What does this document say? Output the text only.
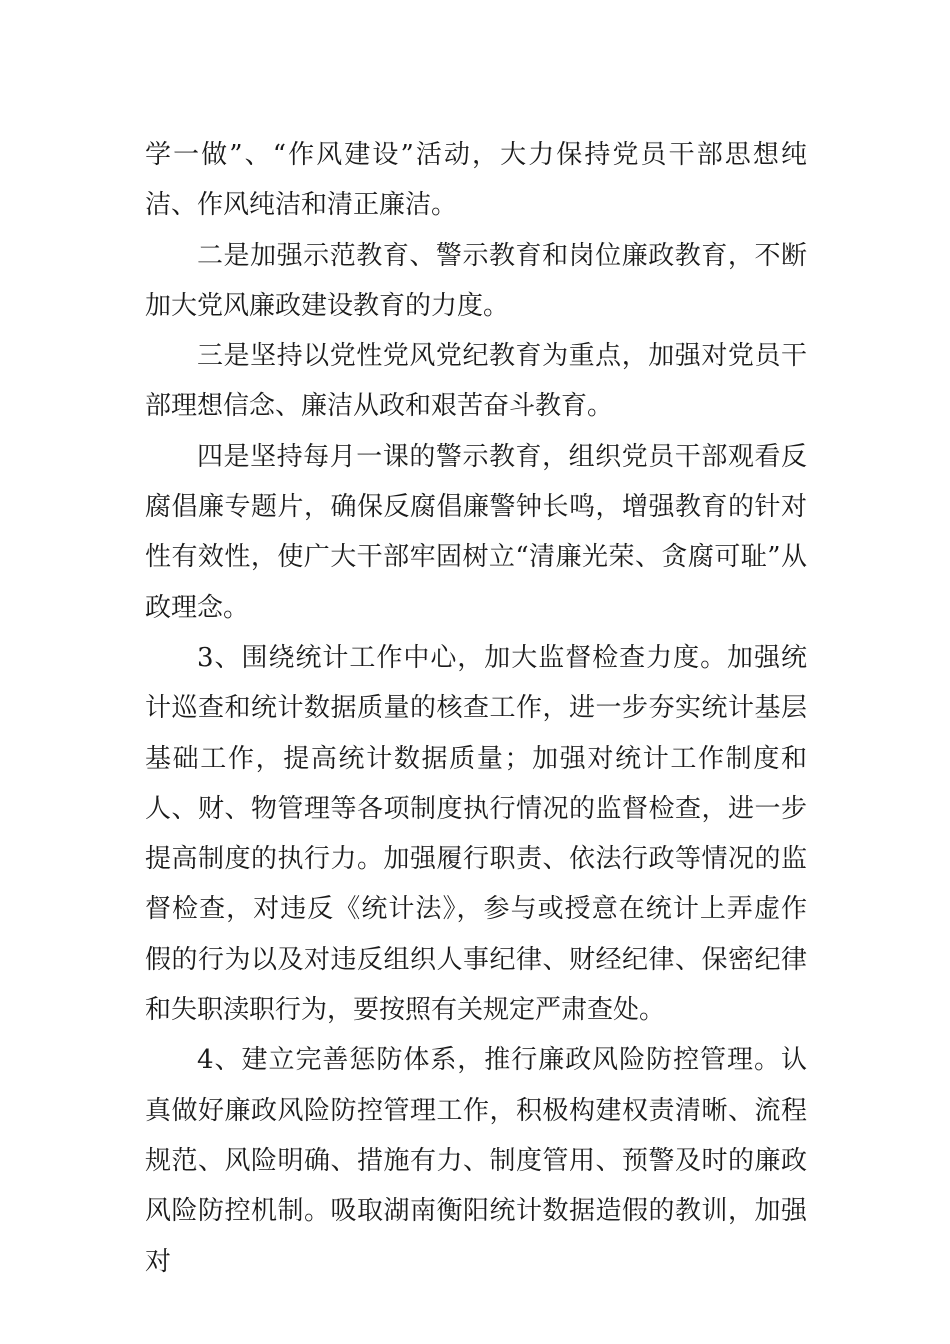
学一做”、“作风建设”活动，大力保持党员干部思想纯洁、作风纯洁和清正廉洁。

二是加强示范教育、警示教育和岗位廉政教育，不断加大党风廉政建设教育的力度。

三是坚持以党性党风党纪教育为重点，加强对党员干部理想信念、廉洁从政和艰苦奋斗教育。

四是坚持每月一课的警示教育，组织党员干部观看反腐倡廉专题片，确保反腐倡廉警钟长鸣，增强教育的针对性有效性，使广大干部牢固树立“清廉光荣、贪腐可耻”从政理念。

3、围绕统计工作中心，加大监督检查力度。加强统计巡查和统计数据质量的核查工作，进一步夯实统计基层基础工作，提高统计数据质量；加强对统计工作制度和人、财、物管理等各项制度执行情况的监督检查，进一步提高制度的执行力。加强履行职责、依法行政等情况的监督检查，对违反《统计法》，参与或授意在统计上弄虚作假的行为以及对违反组织人事纪律、财经纪律、保密纪律和失职渎职行为，要按照有关规定严肃查处。

4、建立完善惩防体系，推行廉政风险防控管理。认真做好廉政风险防控管理工作，积极构建权责清晰、流程规范、风险明确、措施有力、制度管用、预警及时的廉政风险防控机制。吸取湖南衡阳统计数据造假的教训，加强对
